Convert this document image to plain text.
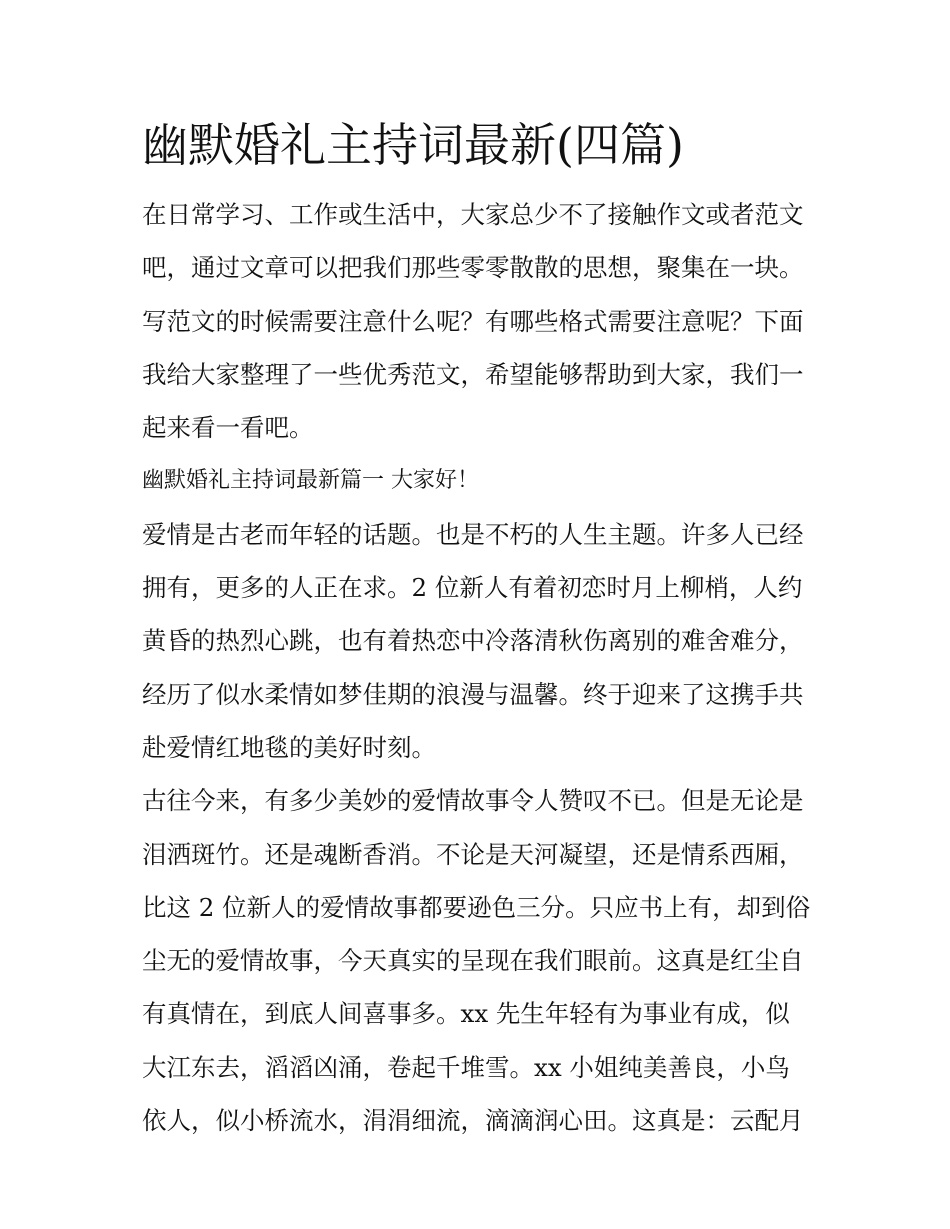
幽默婚礼主持词最新(四篇)
在日常学习、工作或生活中，大家总少不了接触作文或者范文
吧，通过文章可以把我们那些零零散散的思想，聚集在一块。
写范文的时候需要注意什么呢？有哪些格式需要注意呢？下面
我给大家整理了一些优秀范文，希望能够帮助到大家，我们一
起来看一看吧。
幽默婚礼主持词最新篇一 大家好！
爱情是古老而年轻的话题。也是不朽的人生主题。许多人已经
拥有，更多的人正在求。2 位新人有着初恋时月上柳梢，人约
黄昏的热烈心跳，也有着热恋中冷落清秋伤离别的难舍难分，
经历了似水柔情如梦佳期的浪漫与温馨。终于迎来了这携手共
赴爱情红地毯的美好时刻。
古往今来，有多少美妙的爱情故事令人赞叹不已。但是无论是
泪洒斑竹。还是魂断香消。不论是天河凝望，还是情系西厢，
比这 2 位新人的爱情故事都要逊色三分。只应书上有，却到俗
尘无的爱情故事，今天真实的呈现在我们眼前。这真是红尘自
有真情在，到底人间喜事多。xx 先生年轻有为事业有成，似
大江东去，滔滔凶涌，卷起千堆雪。xx 小姐纯美善良，小鸟
依人，似小桥流水，涓涓细流，滴滴润心田。这真是：云配月
